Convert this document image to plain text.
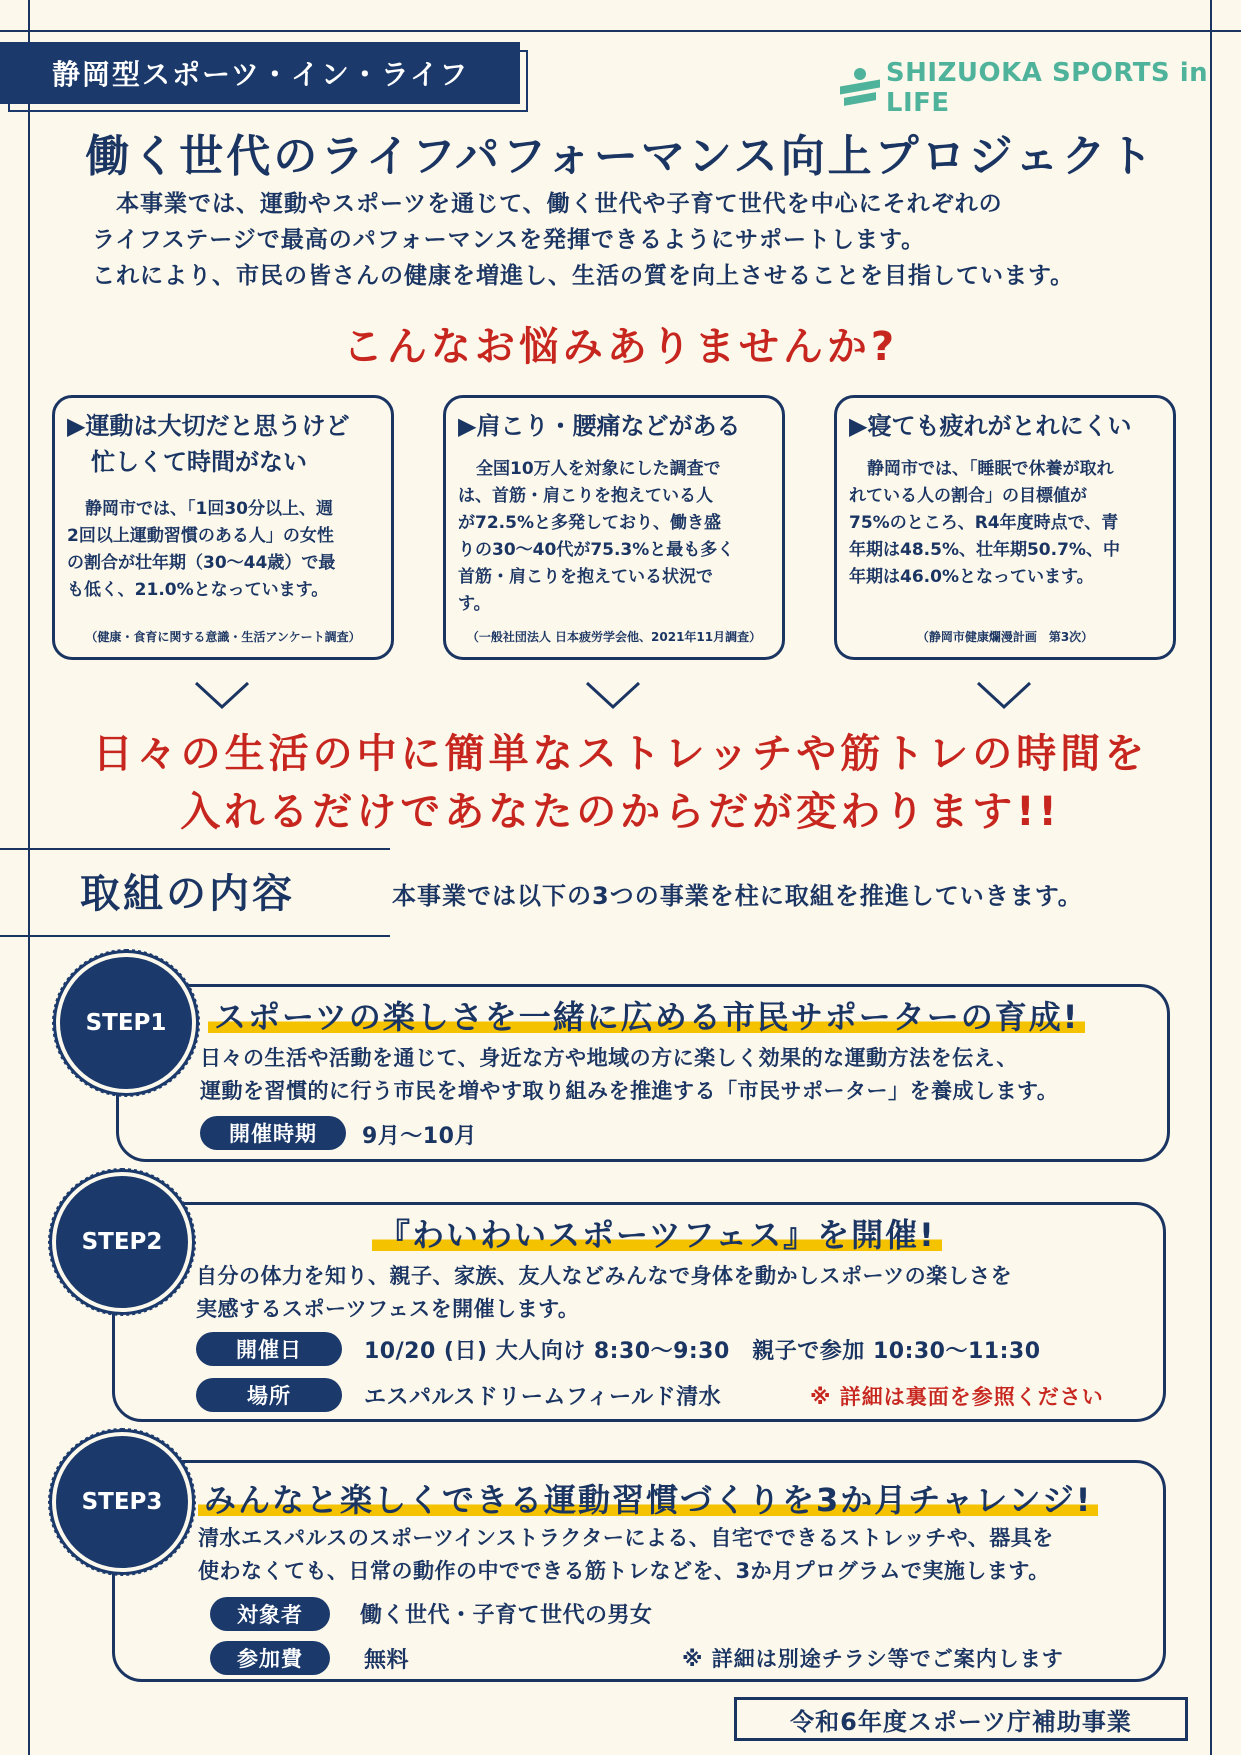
静岡型スポーツ・イン・ライフ	SHIZUOKA SPORTS in LIFE
働く世代のライフパフォーマンス向上プロジェクト
本事業では、運動やスポーツを通じて、働く世代や子育て世代を中心にそれぞれの
ライフステージで最高のパフォーマンスを発揮できるようにサポートします。
これにより、市民の皆さんの健康を増進し、生活の質を向上させることを目指しています。
こんなお悩みありませんか?
▶運動は大切だと思うけど
　忙しくて時間がない
静岡市では、「1回30分以上、週
2回以上運動習慣のある人」の女性
の割合が壮年期（30～44歳）で最
も低く、21.0%となっています。
（健康・食育に関する意識・生活アンケート調査）
▶肩こり・腰痛などがある
全国10万人を対象にした調査で
は、首筋・肩こりを抱えている人
が72.5%と多発しており、働き盛
りの30～40代が75.3%と最も多く
首筋・肩こりを抱えている状況で
す。
（一般社団法人 日本疲労学会他、2021年11月調査）
▶寝ても疲れがとれにくい
静岡市では、「睡眠で休養が取れ
れている人の割合」の目標値が
75%のところ、R4年度時点で、青
年期は48.5%、壮年期50.7%、中
年期は46.0%となっています。
（静岡市健康爛漫計画　第3次）
日々の生活の中に簡単なストレッチや筋トレの時間を
入れるだけであなたのからだが変わります!!
取組の内容	本事業では以下の3つの事業を柱に取組を推進していきます。
STEP1 スポーツの楽しさを一緒に広める市民サポーターの育成!
日々の生活や活動を通じて、身近な方や地域の方に楽しく効果的な運動方法を伝え、
運動を習慣的に行う市民を増やす取り組みを推進する「市民サポーター」を養成します。
開催時期	9月～10月
STEP2	『わいわいスポーツフェス』を開催!
自分の体力を知り、親子、家族、友人などみんなで身体を動かしスポーツの楽しさを
実感するスポーツフェスを開催します。
開催日	10/20 (日) 大人向け 8:30～9:30　親子で参加 10:30～11:30
場所	エスパルスドリームフィールド清水	※ 詳細は裏面を参照ください
STEP3 みんなと楽しくできる運動習慣づくりを3か月チャレンジ!
清水エスパルスのスポーツインストラクターによる、自宅でできるストレッチや、器具を
使わなくても、日常の動作の中でできる筋トレなどを、3か月プログラムで実施します。
対象者	働く世代・子育て世代の男女
参加費	無料	※ 詳細は別途チラシ等でご案内します
令和6年度スポーツ庁補助事業
